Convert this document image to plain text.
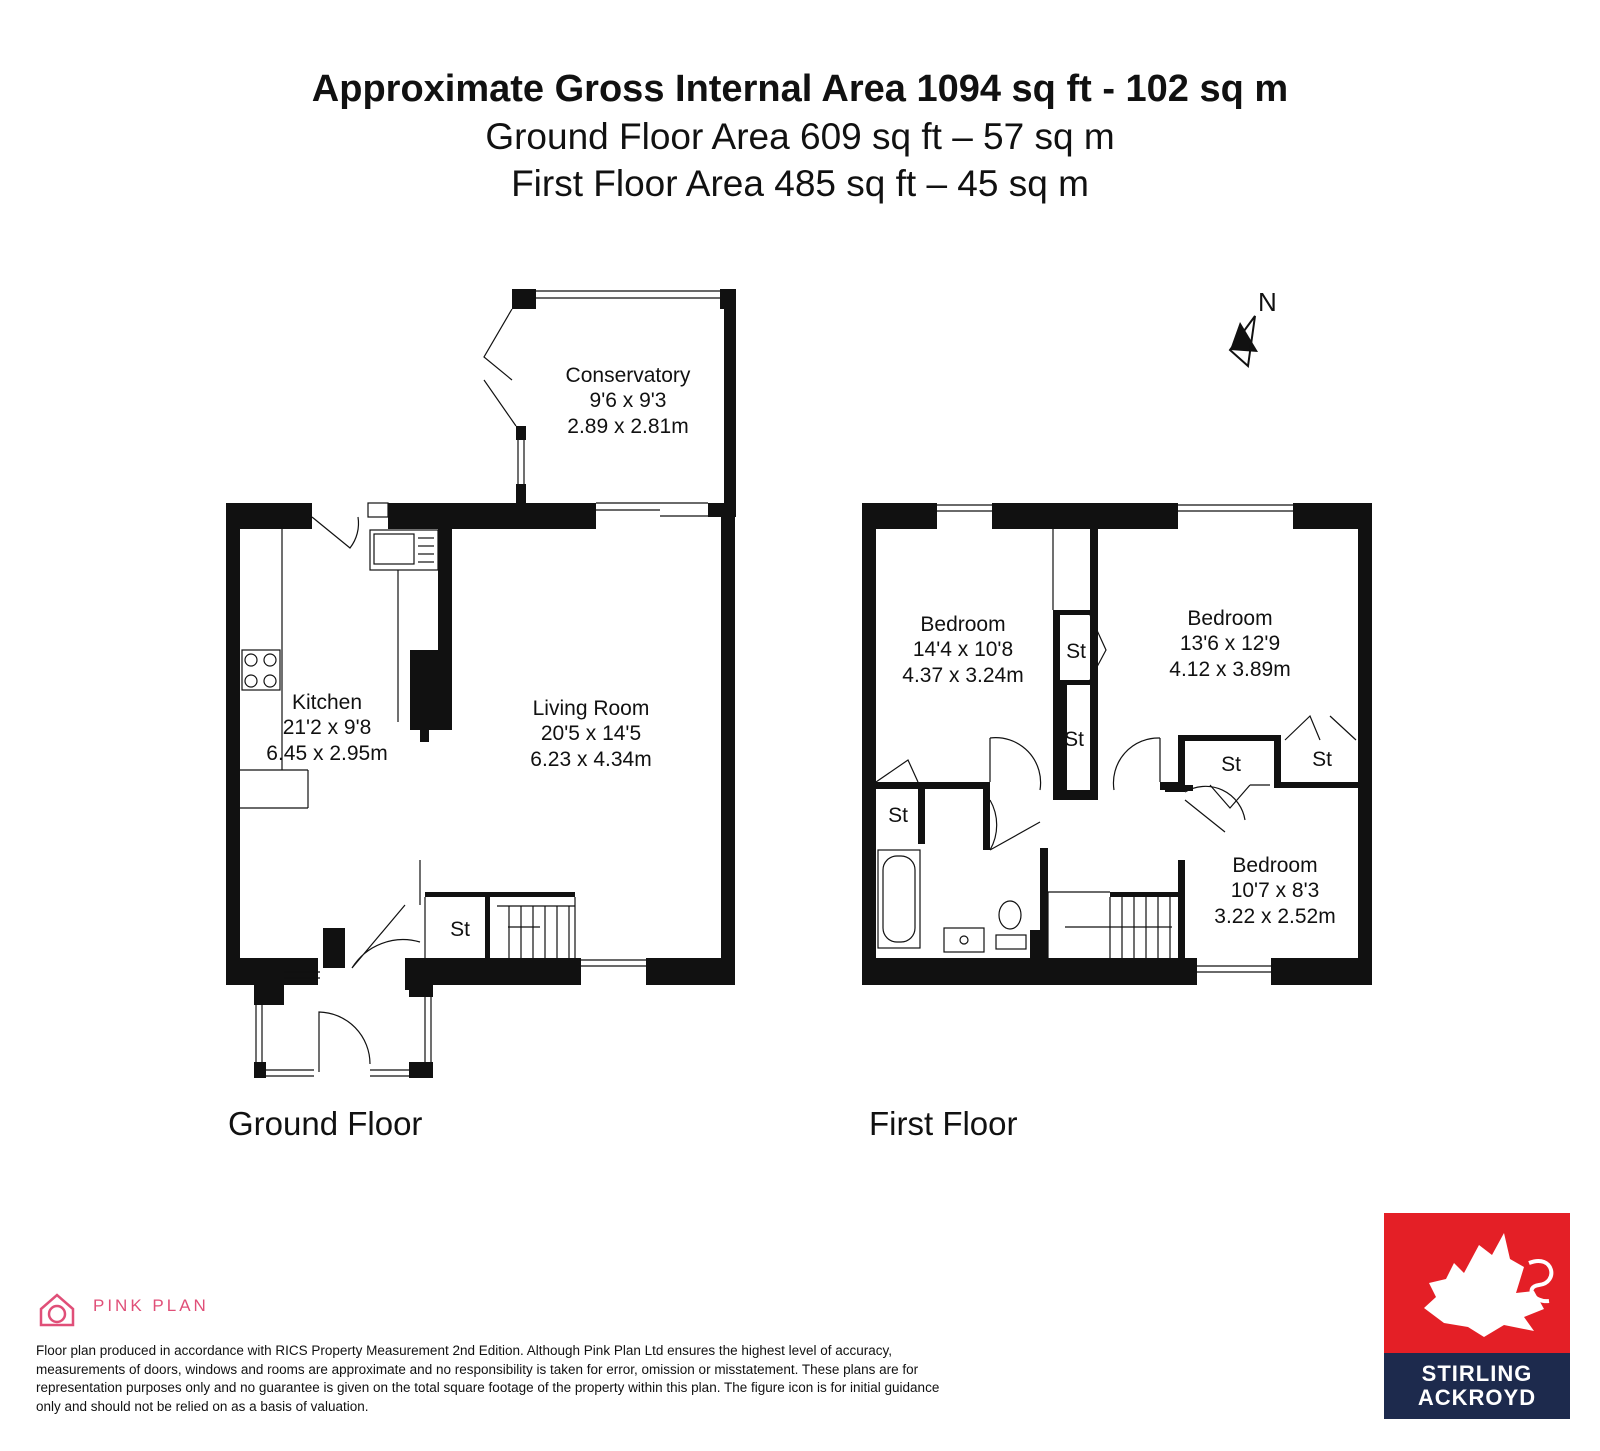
Approximate Gross Internal Area 1094 sq ft - 102 sq m
Ground Floor Area 609 sq ft – 57 sq m
First Floor Area 485 sq ft – 45 sq m
N
Conservatory
9'6 x 9'3
2.89 x 2.81m
Kitchen
21'2 x 9'8
6.45 x 2.95m
Living Room
20'5 x 14'5
6.23 x 4.34m
St
Bedroom
14'4 x 10'8
4.37 x 3.24m
Bedroom
13'6 x 12'9
4.12 x 3.89m
Bedroom
10'7 x 8'3
3.22 x 2.52m
St
St
St	St
St
Ground Floor	First Floor
PINK PLAN
Floor plan produced in accordance with RICS Property Measurement 2nd Edition. Although Pink Plan Ltd ensures the highest level of accuracy, measurements of doors, windows and rooms are approximate and no responsibility is taken for error, omission or misstatement. These plans are for representation purposes only and no guarantee is given on the total square footage of the property within this plan. The figure icon is for initial guidance only and should not be relied on as a basis of valuation.
STIRLING
ACKROYD
